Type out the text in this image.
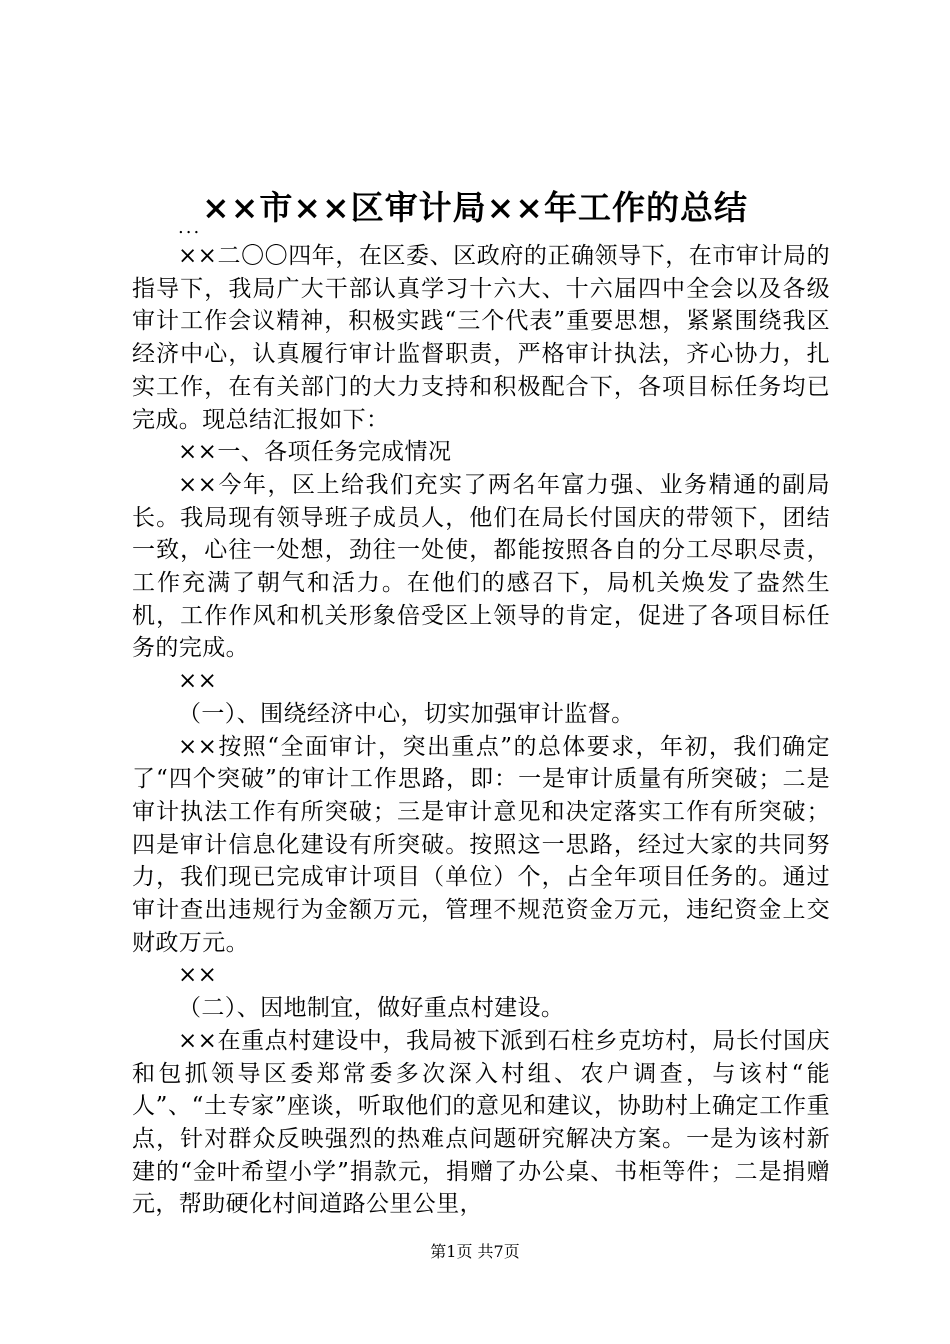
××市××区审计局××年工作的总结
...

××二〇〇四年，在区委、区政府的正确领导下，在市审计局的指导下，我局广大干部认真学习十六大、十六届四中全会以及各级审计工作会议精神，积极实践“三个代表”重要思想，紧紧围绕我区经济中心，认真履行审计监督职责，严格审计执法，齐心协力，扎实工作，在有关部门的大力支持和积极配合下，各项目标任务均已完成。现总结汇报如下：

××一、各项任务完成情况

××今年，区上给我们充实了两名年富力强、业务精通的副局长。我局现有领导班子成员人，他们在局长付国庆的带领下，团结一致，心往一处想，劲往一处使，都能按照各自的分工尽职尽责，工作充满了朝气和活力。在他们的感召下，局机关焕发了盎然生机，工作作风和机关形象倍受区上领导的肯定，促进了各项目标任务的完成。

××

（一）、围绕经济中心，切实加强审计监督。

××按照“全面审计，突出重点”的总体要求，年初，我们确定了“四个突破”的审计工作思路，即：一是审计质量有所突破；二是审计执法工作有所突破；三是审计意见和决定落实工作有所突破；四是审计信息化建设有所突破。按照这一思路，经过大家的共同努力，我们现已完成审计项目（单位）个，占全年项目任务的。通过审计查出违规行为金额万元，管理不规范资金万元，违纪资金上交财政万元。

××

（二）、因地制宜，做好重点村建设。

××在重点村建设中，我局被下派到石柱乡克坊村，局长付国庆和包抓领导区委郑常委多次深入村组、农户调查，与该村“能人”、“土专家”座谈，听取他们的意见和建议，协助村上确定工作重点，针对群众反映强烈的热难点问题研究解决方案。一是为该村新建的“金叶希望小学”捐款元，捐赠了办公桌、书柜等件；二是捐赠元，帮助硬化村间道路公里公里，

第1页 共7页
